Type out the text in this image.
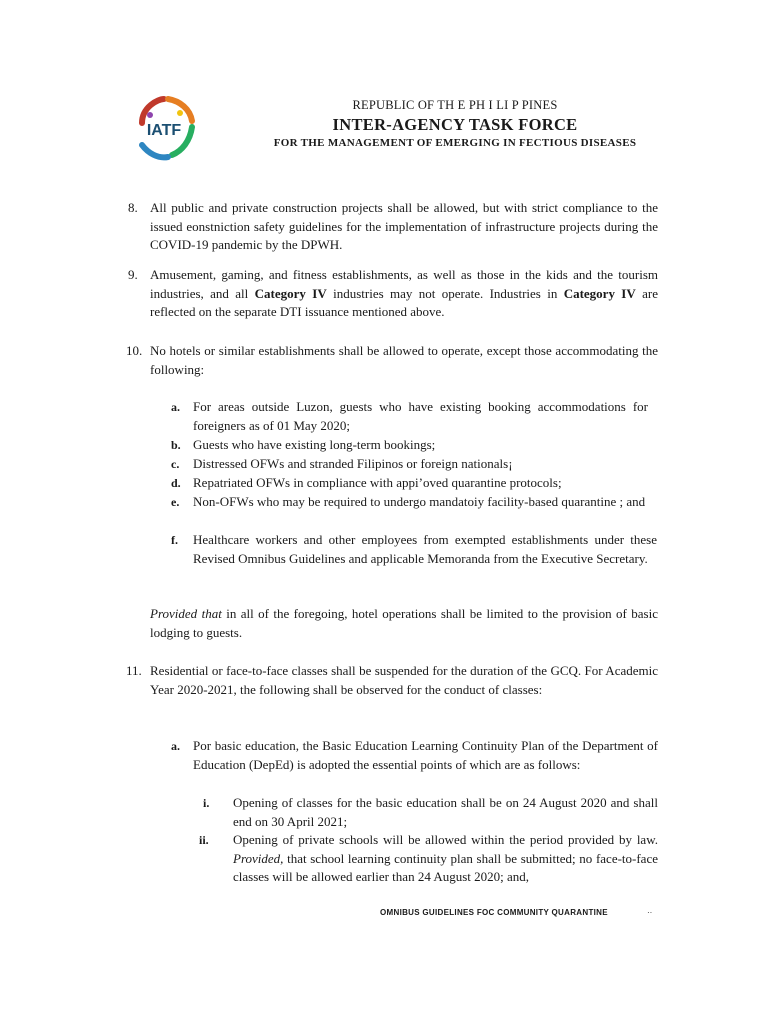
IATF
REPUBLIC OF TH E PH I LI P PINES
INTER-AGENCY TASK FORCE
FOR THE MANAGEMENT OF EMERGING IN FECTIOUS DISEASES
8. All public and private construction projects shall be allowed, but with strict compliance to the issued eonstniction safety guidelines for the implementation of infrastructure projects during the COVID-19 pandemic by the DPWH.
9. Amusement, gaming, and fitness establishments, as well as those in the kids and the tourism industries, and all Category IV industries may not operate. Industries in Category IV are reflected on the separate DTI issuance mentioned above.
10. No hotels or similar establishments shall be allowed to operate, except those accommodating the following:
a. For areas outside Luzon, guests who have existing booking accommodations for foreigners as of 01 May 2020;
b. Guests who have existing long-term bookings;
c. Distressed OFWs and stranded Filipinos or foreign nationals¡
d. Repatriated OFWs in compliance with appi’oved quarantine protocols;
e. Non-OFWs who may be required to undergo mandatoiy facility-based quarantine ; and
f. Healthcare workers and other employees from exempted establishments under these Revised Omnibus Guidelines and applicable Memoranda from the Executive Secretary.
Provided that in all of the foregoing, hotel operations shall be limited to the provision of basic lodging to guests.
11. Residential or face-to-face classes shall be suspended for the duration of the GCQ. For Academic Year 2020-2021, the following shall be observed for the conduct of classes:
a. Por basic education, the Basic Education Learning Continuity Plan of the Department of Education (DepEd) is adopted the essential points of which are as follows:
i. Opening of classes for the basic education shall be on 24 August 2020 and shall end on 30 April 2021;
ii. Opening of private schools will be allowed within the period provided by law. Provided, that school learning continuity plan shall be submitted; no face-to-face classes will be allowed earlier than 24 August 2020; and,
OMNIBUS GUIDELINES FOC COMMUNITY QUARANTINE	··
